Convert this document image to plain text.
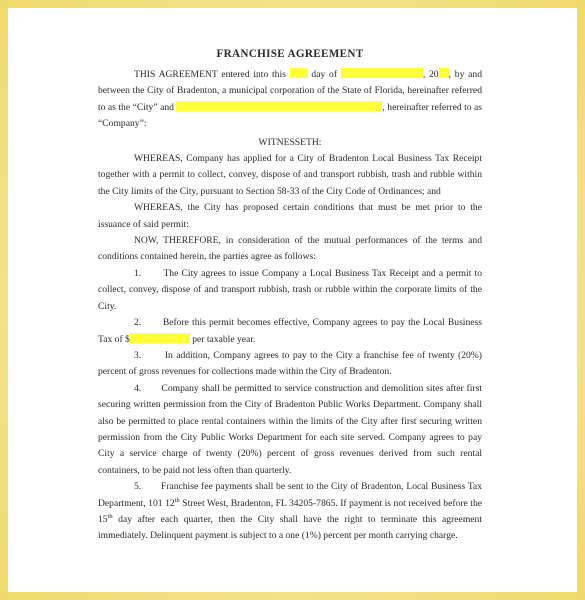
FRANCHISE AGREEMENT

THIS AGREEMENT entered into this  day of	, 20 , by and between the City of Bradenton, a municipal corporation of the State of Florida, hereinafter referred to as the “City” and	, hereinafter referred to as “Company”:

WITNESSETH:

WHEREAS, Company has applied for a City of Bradenton Local Business Tax Receipt together with a permit to collect, convey, dispose of and transport rubbish, trash and rubble within the City limits of the City, pursuant to Section 58-33 of the City Code of Ordinances; and

WHEREAS, the City has proposed certain conditions that must be met prior to the issuance of said permit:

NOW, THEREFORE, in consideration of the mutual performances of the terms and conditions contained herein, the parties agree as follows:

1. The City agrees to issue Company a Local Business Tax Receipt and a permit to collect, convey, dispose of and transport rubbish, trash or rubble within the corporate limits of the City.

2. Before this permit becomes effective, Company agrees to pay the Local Business Tax of $	per taxable year.

3. In addition, Company agrees to pay to the City a franchise fee of twenty (20%) percent of gross revenues for collections made within the City of Bradenton.

4. Company shall be permitted to service construction and demolition sites after first securing written permission from the City of Bradenton Public Works Department. Company shall also be permitted to place rental containers within the limits of the City after first securing written permission from the City Public Works Department for each site served. Company agrees to pay City a service charge of twenty (20%) percent of gross revenues derived from such rental containers, to be paid not less often than quarterly.

5. Franchise fee payments shall be sent to the City of Bradenton, Local Business Tax Department, 101 12th Street West, Bradenton, FL 34205-7865. If payment is not received before the 15th day after each quarter, then the City shall have the right to terminate this agreement immediately. Delinquent payment is subject to a one (1%) percent per month carrying charge.
